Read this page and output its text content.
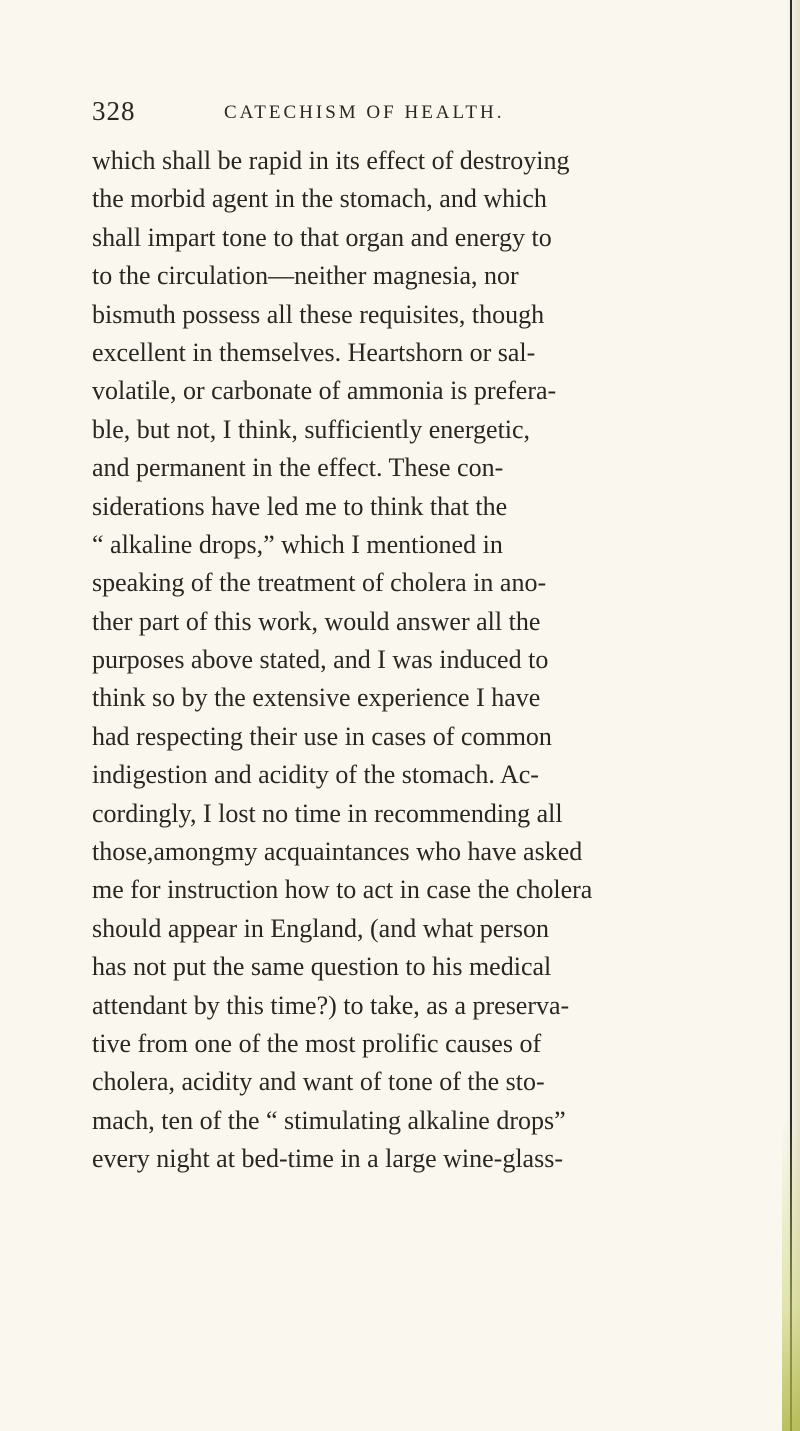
328	CATECHISM OF HEALTH.
which shall be rapid in its effect of destroying
the morbid agent in the stomach, and which
shall impart tone to that organ and energy to
to the circulation—neither magnesia, nor
bismuth possess all these requisites, though
excellent in themselves. Heartshorn or sal-
volatile, or carbonate of ammonia is prefera-
ble, but not, I think, sufficiently energetic,
and permanent in the effect. These con-
siderations have led me to think that the
“ alkaline drops,” which I mentioned in
speaking of the treatment of cholera in ano-
ther part of this work, would answer all the
purposes above stated, and I was induced to
think so by the extensive experience I have
had respecting their use in cases of common
indigestion and acidity of the stomach. Ac-
cordingly, I lost no time in recommending all
those,amongmy acquaintances who have asked
me for instruction how to act in case the cholera
should appear in England, (and what person
has not put the same question to his medical
attendant by this time?) to take, as a preserva-
tive from one of the most prolific causes of
cholera, acidity and want of tone of the sto-
mach, ten of the “ stimulating alkaline drops”
every night at bed-time in a large wine-glass-
